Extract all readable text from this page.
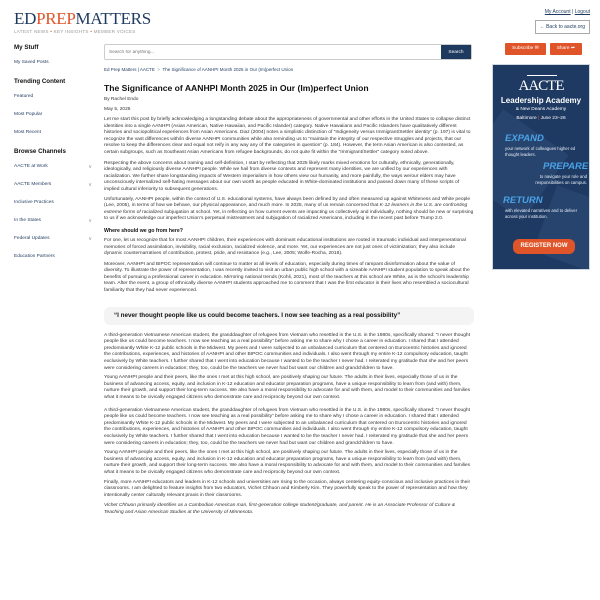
EDPREPMATTERS
LATEST NEWS • KEY INSIGHTS • MEMBER VOICES
My Account | Logout
← Back to aacte.org
My Stuff
My Saved Posts
Trending Content
Featured
Most Popular
Most Recent
Browse Channels
AACTE at Work	∨
AACTE Members	∨
Inclusive Practices
In the States	∨
Federal Updates	∨
Education Partners
Search for anything...
Search
Subscribe ✉	Share ➦
Ed Prep Matters | AACTE > The Significance of AANHPI Month 2025 in Our (Im)perfect Union
The Significance of AANHPI Month 2025 in Our (Im)perfect Union
By Rachel Endo
May 5, 2025

Let me start this post by briefly acknowledging a longstanding debate about the appropriateness of governmental and other efforts in the United States to collapse distinct identities into a single AANHPI (Asian American, Native Hawaiian, and Pacific Islander) category. Native Hawaiians and Pacific Islanders have qualitatively different histories and sociopolitical experiences from Asian Americans. Diaz (2004) notes a simplistic distinction of “Indigeneity versus Immigrant/Settler identity” (p. 197) is vital to recognize the vast differences with/in diverse AANHPI communities while also reminding us to “maintain the integrity of our respective struggles and projects, that our resolve to keep the differences clear and equal not reify in any way any of the categories in question” (p. 184). However, the term Asian American is also contested, as certain subgroups, such as Southeast Asian Americans from refugee backgrounds, do not quite fit within the “Immigrant/Settler” category noted above.

Respecting the above concerns about naming and self-definition, I start by reflecting that 2025 likely marks mixed emotions for culturally, ethnically, generationally, ideologically, and religiously diverse AANHPI people. While we hail from diverse contexts and represent many identities, we are unified by our experiences with racialization. We further share longstanding impacts of Western imperialism in how others view our humanity, and more painfully, the ways we/our elders may have unconsciously internalized self-hating messages about our own worth as people educated in White-dominated institutions and passed down many of these scripts of implied cultural inferiority to subsequent generations.

Unfortunately, AANHPI people, within the context of U.S. educational systems, have always been defined by and often measured up against Whiteness and White people (Lee, 2005), in terms of how we behave, our physical appearance, and much more. In 2025, many of us remain concerned that K-12 learners in the U.S. are confronting extreme forms of racialized subjugation at school. Yet, in reflecting on how current events are impacting us collectively and individually, nothing should be new or surprising to us if we acknowledge our imperfect Union’s perpetual mistreatment and subjugation of racialized Americans, including in the recent past before Trump 2.0.

Where should we go from here?

For one, let us recognize that for most AANHPI children, their experiences with dominant educational institutions are rooted in traumatic individual and intergenerational memories of forced assimilation, invisibility, racial exclusion, racialized violence, and more. Yet, our experiences are not just ones of victimization; they also include dynamic counternarratives of contribution, protest, pride, and resistance (e.g., Lee, 2005; Wolfe-Rocha, 2018).

Moreover, AANHPI and BIPOC representation will continue to matter at all levels of education, especially during times of rampant disinformation about the value of diversity. To illustrate the power of representation, I was recently invited to visit an urban public high school with a sizeable AANHPI student population to speak about the benefits of pursuing a professional career in education. Mirroring national trends (Kohli, 2021), most of the teachers at this school are White, as is the school’s leadership team. After the event, a group of ethnically diverse AANHPI students approached me to comment that I was the first educator in their lives who resembled a sociocultural familiarity that they had never experienced.

“I never thought people like us could become teachers. I now see teaching as a real possibility”

A third-generation Vietnamese American student, the granddaughter of refugees from Vietnam who resettled in the U.S. in the 1980s, specifically shared: “I never thought people like us could become teachers. I now see teaching as a real possibility” before asking me to share why I chose a career in education. I shared that I attended predominantly White K-12 public schools in the Midwest. My peers and I were subjected to an unbalanced curriculum that centered on Eurocentric histories and ignored the contributions, experiences, and histories of AANHPI and other BIPOC communities and individuals. I also went through my entire K-12 compulsory education, taught exclusively by White teachers. I further shared that I went into education because I wanted to be the teacher I never had. I reiterated my gratitude that she and her peers were considering careers in education; they, too, could be the teachers we never had but want our children and grandchildren to have.

Young AANHPI people and their peers, like the ones I met at this high school, are positively shaping our future. The adults in their lives, especially those of us in the business of advancing access, equity, and inclusion in K-12 education and educator preparation programs, have a unique responsibility to learn from (and with) them, nurture their growth, and support their long-term success. We also have a moral responsibility to advocate for and with them, and model to their communities and families what it means to be civically engaged citizens who demonstrate care and reciprocity beyond our own context.

A third-generation Vietnamese American student, the granddaughter of refugees from Vietnam who resettled in the U.S. in the 1980s, specifically shared: “I never thought people like us could become teachers. I now see teaching as a real possibility” before asking me to share why I chose a career in education. I shared that I attended predominantly White K-12 public schools in the Midwest. My peers and I were subjected to an unbalanced curriculum that centered on Eurocentric histories and ignored the contributions, experiences, and histories of AANHPI and other BIPOC communities and individuals. I also went through my entire K-12 compulsory education, taught exclusively by White teachers. I further shared that I went into education because I wanted to be the teacher I never had. I reiterated my gratitude that she and her peers were considering careers in education; they, too, could be the teachers we never had but want our children and grandchildren to have.

Young AANHPI people and their peers, like the ones I met at this high school, are positively shaping our future. The adults in their lives, especially those of us in the business of advancing access, equity, and inclusion in K-12 education and educator preparation programs, have a unique responsibility to learn from (and with) them, nurture their growth, and support their long-term success. We also have a moral responsibility to advocate for and with them, and model to their communities and families what it means to be civically engaged citizens who demonstrate care and reciprocity beyond our own context.

Finally, more AANHPI educators and leaders in K-12 schools and universities are rising to the occasion, always centering equity-conscious and inclusive practices in their classrooms. I am delighted to feature insights from two educators, Vichet Chhuon and Kimberly Kim. They powerfully speak to the power of representation and how they intentionally center culturally relevant praxis in their classrooms.

Vichet Chhuon primarily identifies as a Cambodian American man, first-generation college student/graduate, and parent. He is an Associate Professor of Culture & Teaching and Asian American Studies at the University of Minnesota.

AACTE
Leadership Academy
& New Deans Academy
Baltimore | June 23–26
EXPAND
your network of colleagues higher ed thought leaders.
PREPARE
to navigate your role and responsibilities on campus.
RETURN
with elevated narratives and to deliver across your institution.
REGISTER NOW
